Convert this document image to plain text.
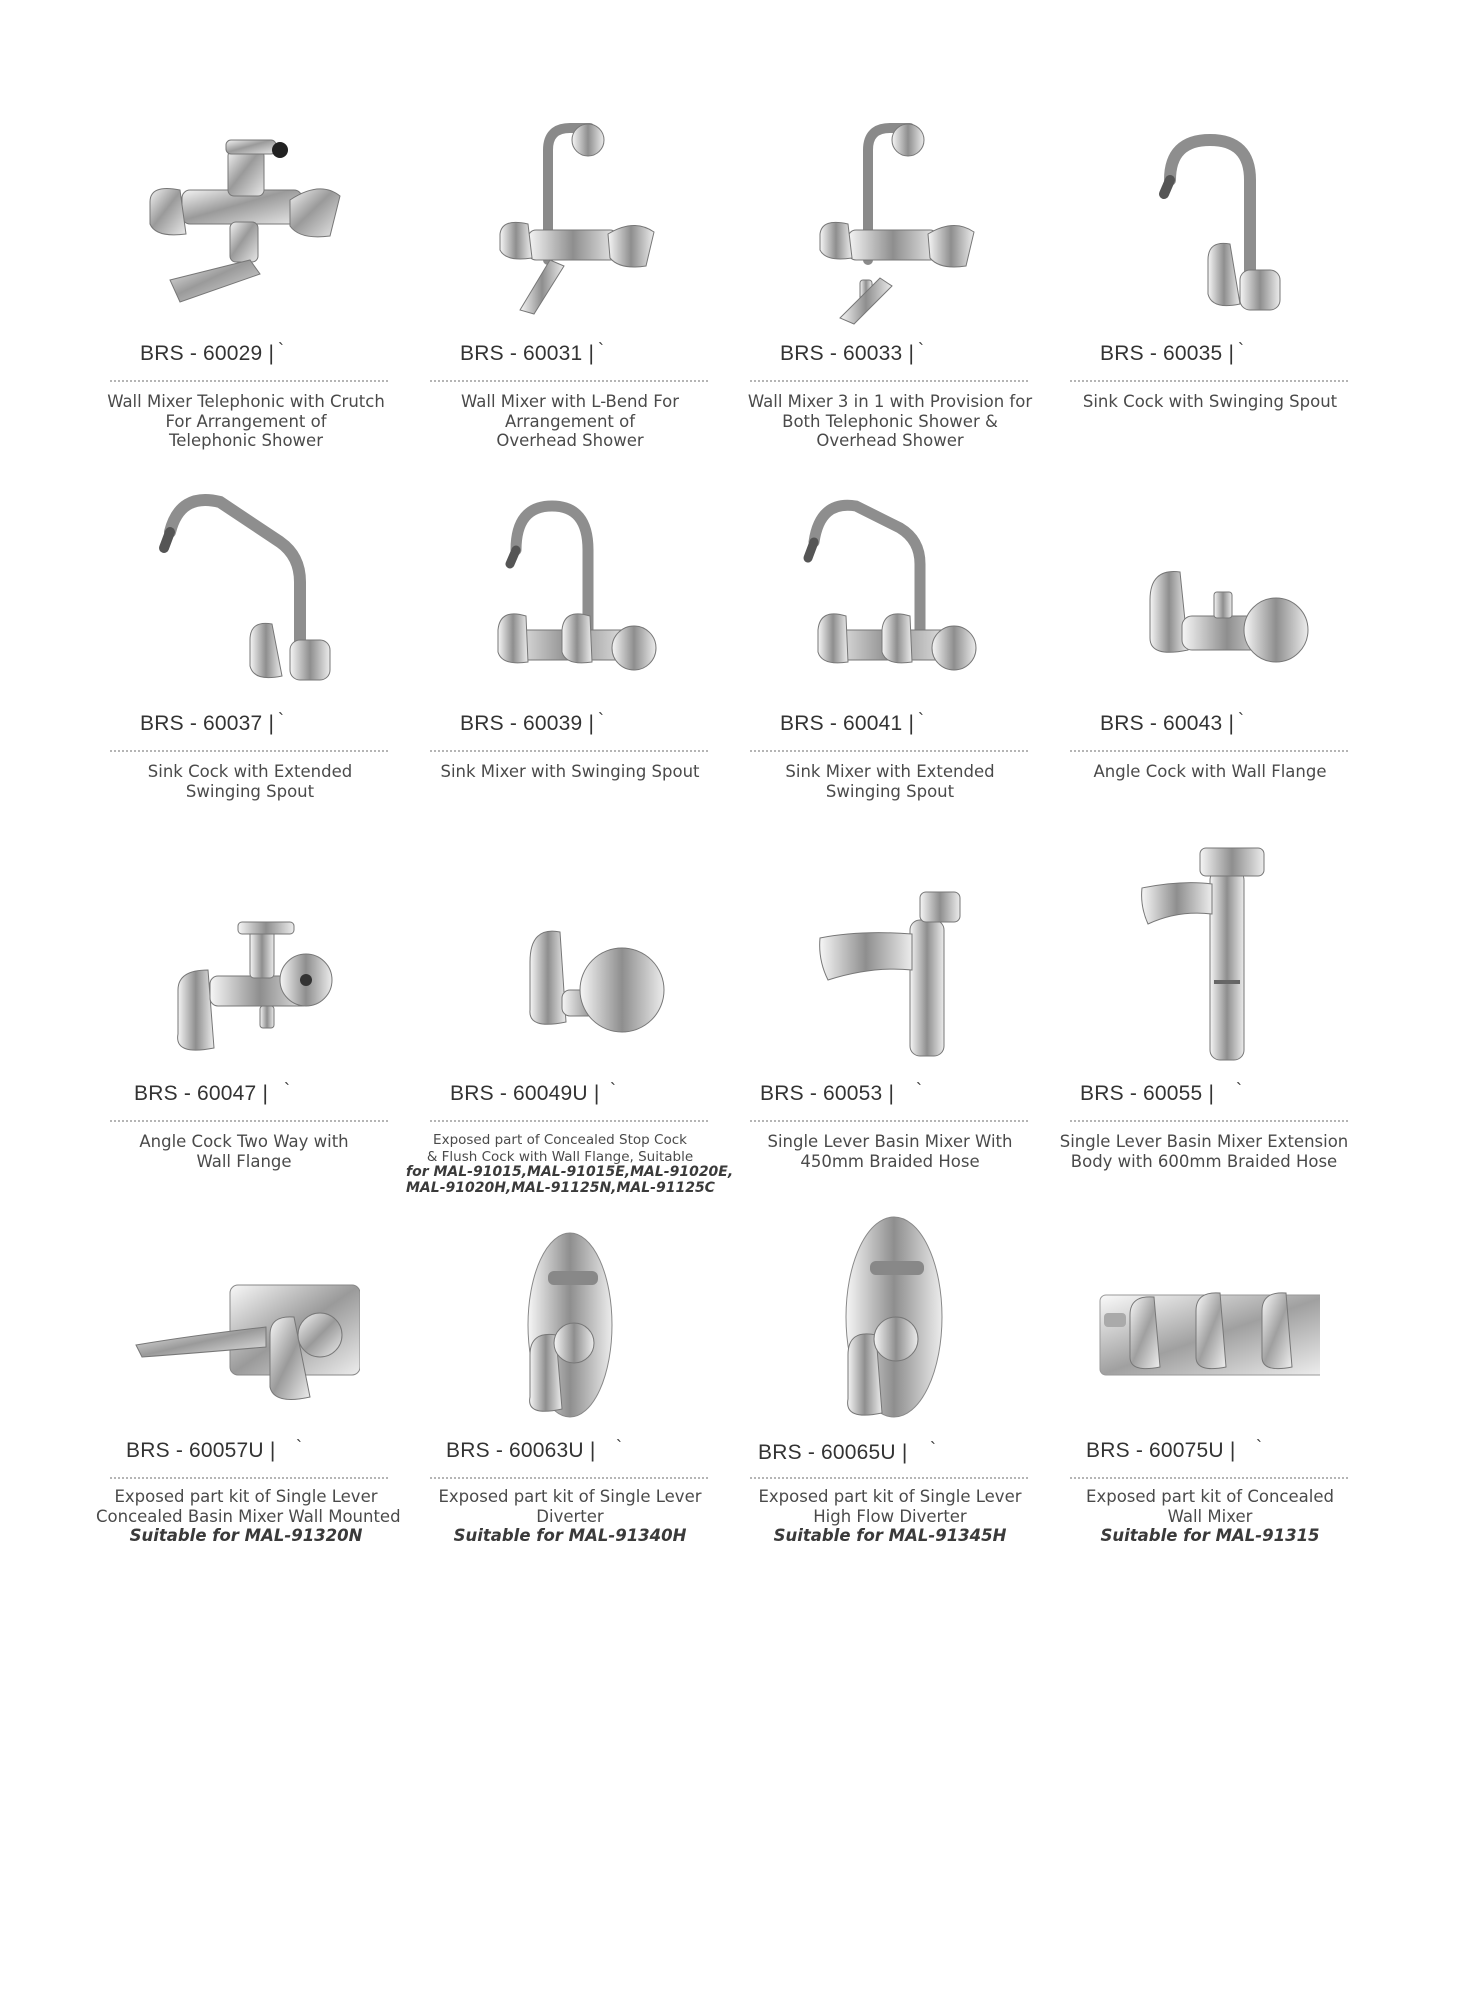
BRS - 60029 | `
Wall Mixer Telephonic with Crutch
For Arrangement of
Telephonic Shower
BRS - 60031 | `
Wall Mixer with L-Bend For
Arrangement of
Overhead Shower
BRS - 60033 | `
Wall Mixer 3 in 1 with Provision for
Both Telephonic Shower &
Overhead Shower
BRS - 60035 | `
Sink Cock with Swinging Spout
BRS - 60037 | `
Sink Cock with Extended
Swinging Spout
BRS - 60039 | `
Sink Mixer with Swinging Spout
BRS - 60041 | `
Sink Mixer with Extended
Swinging Spout
BRS - 60043 | `
Angle Cock with Wall Flange
BRS - 60047 | `
Angle Cock Two Way with
Wall Flange
BRS - 60049U | `
Exposed part of Concealed Stop Cock
& Flush Cock with Wall Flange, Suitable
for MAL-91015,MAL-91015E,MAL-91020E,
MAL-91020H,MAL-91125N,MAL-91125C
BRS - 60053 | `
Single Lever Basin Mixer With
450mm Braided Hose
BRS - 60055 | `
Single Lever Basin Mixer Extension
Body with 600mm Braided Hose
BRS - 60057U | `
Exposed part kit of Single Lever
Concealed Basin Mixer Wall Mounted
Suitable for MAL-91320N
BRS - 60063U | `
Exposed part kit of Single Lever
Diverter
Suitable for MAL-91340H
BRS - 60065U | `
Exposed part kit of Single Lever
High Flow Diverter
Suitable for MAL-91345H
BRS - 60075U | `
Exposed part kit of Concealed
Wall Mixer
Suitable for MAL-91315
